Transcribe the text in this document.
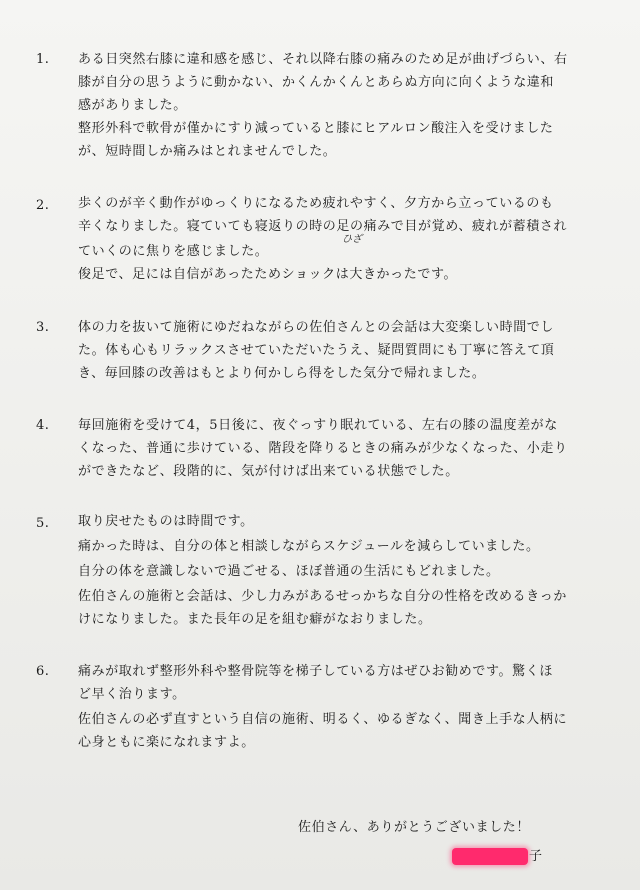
1. ある日突然右膝に違和感を感じ、それ以降右膝の痛みのため足が曲げづらい、右
膝が自分の思うように動かない、かくんかくんとあらぬ方向に向くような違和
感がありました。
整形外科で軟骨が僅かにすり減っていると膝にヒアルロン酸注入を受けました
が、短時間しか痛みはとれませんでした。
2. 歩くのが辛く動作がゆっくりになるため疲れやすく、夕方から立っているのも
辛くなりました。寝ていても寝返りの時の足の痛みで目が覚め、疲れが蓄積され
ひざ
ていくのに焦りを感じました。
俊足で、足には自信があったためショックは大きかったです。
3. 体の力を抜いて施術にゆだねながらの佐伯さんとの会話は大変楽しい時間でし
た。体も心もリラックスさせていただいたうえ、疑問質問にも丁寧に答えて頂
き、毎回膝の改善はもとより何かしら得をした気分で帰れました。
4. 毎回施術を受けて4，5日後に、夜ぐっすり眠れている、左右の膝の温度差がな
くなった、普通に歩けている、階段を降りるときの痛みが少なくなった、小走り
ができたなど、段階的に、気が付けば出来ている状態でした。
5. 取り戻せたものは時間です。
痛かった時は、自分の体と相談しながらスケジュールを減らしていました。
自分の体を意識しないで過ごせる、ほぼ普通の生活にもどれました。
佐伯さんの施術と会話は、少し力みがあるせっかちな自分の性格を改めるきっか
けになりました。また長年の足を組む癖がなおりました。
6. 痛みが取れず整形外科や整骨院等を梯子している方はぜひお勧めです。驚くほ
ど早く治ります。
佐伯さんの必ず直すという自信の施術、明るく、ゆるぎなく、聞き上手な人柄に
心身ともに楽になれますよ。
佐伯さん、ありがとうございました！
子
